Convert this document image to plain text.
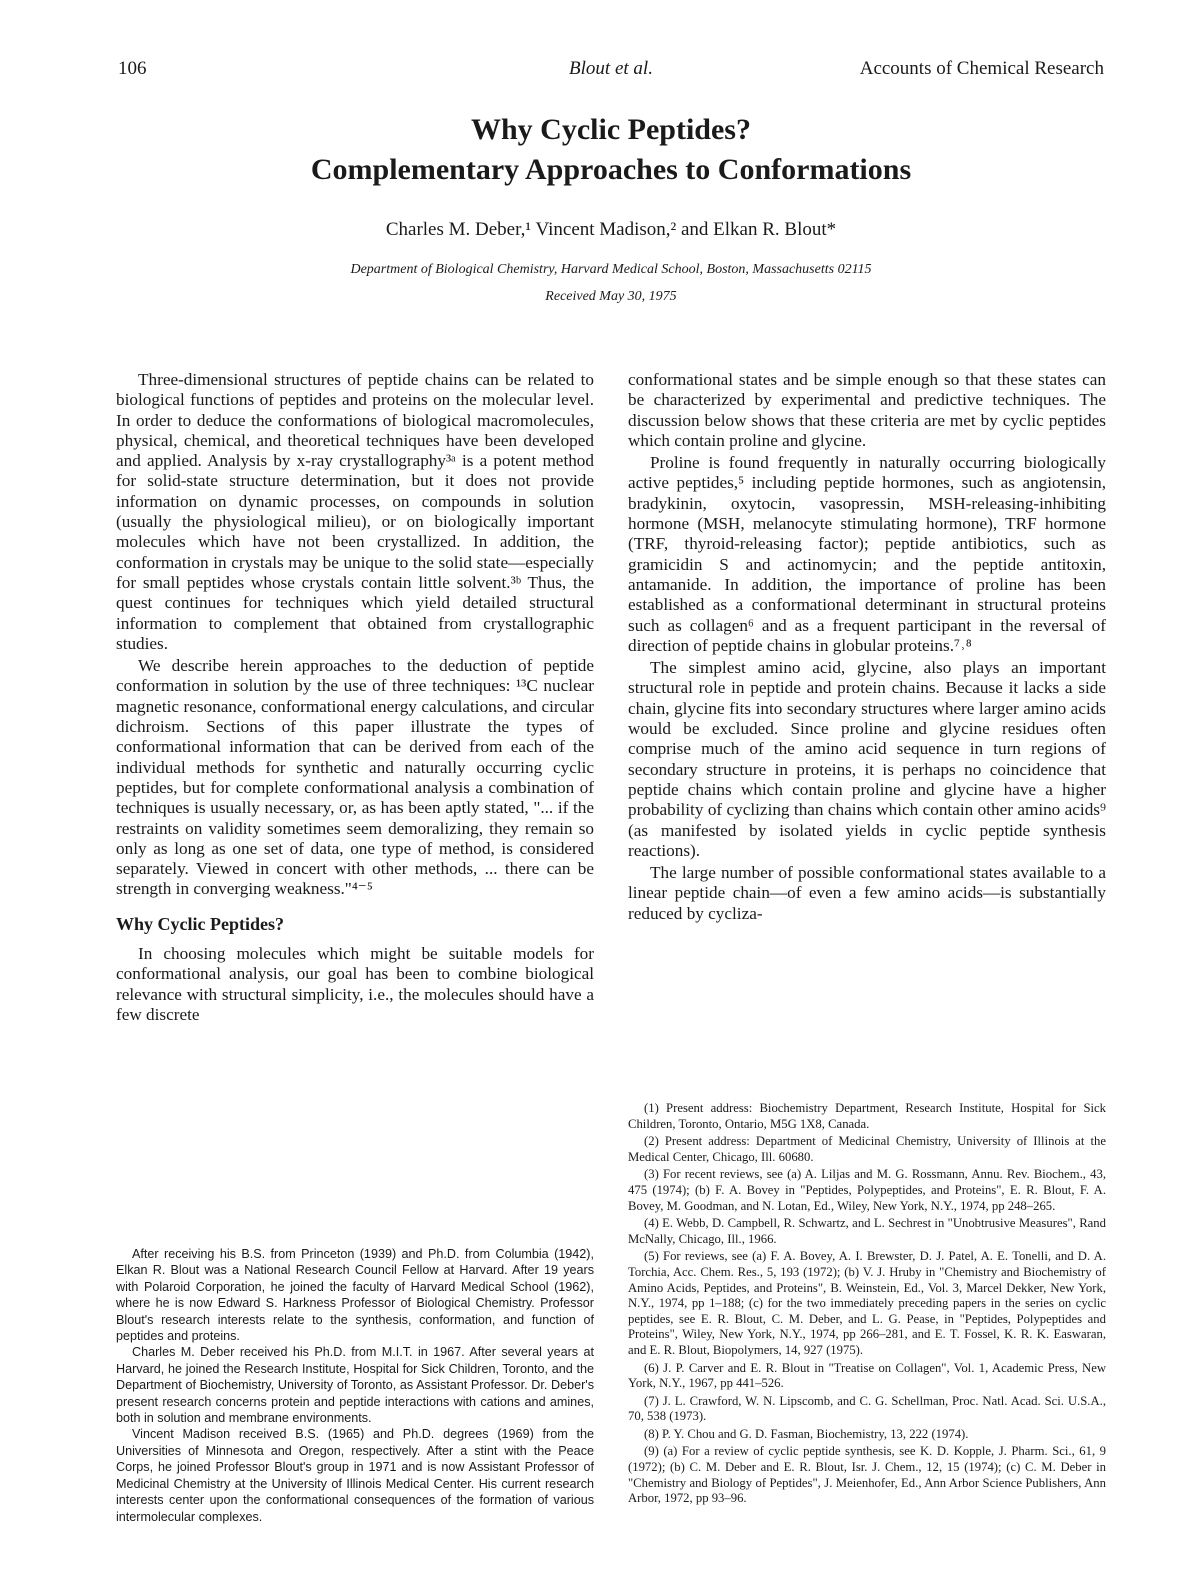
106	Blout et al.	Accounts of Chemical Research
Why Cyclic Peptides?
Complementary Approaches to Conformations
Charles M. Deber,¹ Vincent Madison,² and Elkan R. Blout*
Department of Biological Chemistry, Harvard Medical School, Boston, Massachusetts 02115
Received May 30, 1975

Three-dimensional structures of peptide chains can be related to biological functions of peptides and proteins on the molecular level. In order to deduce the conformations of biological macromolecules, physical, chemical, and theoretical techniques have been developed and applied. Analysis by x-ray crystallography³ᵃ is a potent method for solid-state structure determination, but it does not provide information on dynamic processes, on compounds in solution (usually the physiological milieu), or on biologically important molecules which have not been crystallized. In addition, the conformation in crystals may be unique to the solid state—especially for small peptides whose crystals contain little solvent.³ᵇ Thus, the quest continues for techniques which yield detailed structural information to complement that obtained from crystallographic studies.

We describe herein approaches to the deduction of peptide conformation in solution by the use of three techniques: ¹³C nuclear magnetic resonance, conformational energy calculations, and circular dichroism. Sections of this paper illustrate the types of conformational information that can be derived from each of the individual methods for synthetic and naturally occurring cyclic peptides, but for complete conformational analysis a combination of techniques is usually necessary, or, as has been aptly stated, "... if the restraints on validity sometimes seem demoralizing, they remain so only as long as one set of data, one type of method, is considered separately. Viewed in concert with other methods, ... there can be strength in converging weakness."⁴⁻⁵

Why Cyclic Peptides?

In choosing molecules which might be suitable models for conformational analysis, our goal has been to combine biological relevance with structural simplicity, i.e., the molecules should have a few discrete

conformational states and be simple enough so that these states can be characterized by experimental and predictive techniques. The discussion below shows that these criteria are met by cyclic peptides which contain proline and glycine.

Proline is found frequently in naturally occurring biologically active peptides,⁵ including peptide hormones, such as angiotensin, bradykinin, oxytocin, vasopressin, MSH-releasing-inhibiting hormone (MSH, melanocyte stimulating hormone), TRF hormone (TRF, thyroid-releasing factor); peptide antibiotics, such as gramicidin S and actinomycin; and the peptide antitoxin, antamanide. In addition, the importance of proline has been established as a conformational determinant in structural proteins such as collagen⁶ and as a frequent participant in the reversal of direction of peptide chains in globular proteins.⁷˒⁸

The simplest amino acid, glycine, also plays an important structural role in peptide and protein chains. Because it lacks a side chain, glycine fits into secondary structures where larger amino acids would be excluded. Since proline and glycine residues often comprise much of the amino acid sequence in turn regions of secondary structure in proteins, it is perhaps no coincidence that peptide chains which contain proline and glycine have a higher probability of cyclizing than chains which contain other amino acids⁹ (as manifested by isolated yields in cyclic peptide synthesis reactions).

The large number of possible conformational states available to a linear peptide chain—of even a few amino acids—is substantially reduced by cycliza-

After receiving his B.S. from Princeton (1939) and Ph.D. from Columbia (1942), Elkan R. Blout was a National Research Council Fellow at Harvard. After 19 years with Polaroid Corporation, he joined the faculty of Harvard Medical School (1962), where he is now Edward S. Harkness Professor of Biological Chemistry. Professor Blout's research interests relate to the synthesis, conformation, and function of peptides and proteins.

Charles M. Deber received his Ph.D. from M.I.T. in 1967. After several years at Harvard, he joined the Research Institute, Hospital for Sick Children, Toronto, and the Department of Biochemistry, University of Toronto, as Assistant Professor. Dr. Deber's present research concerns protein and peptide interactions with cations and amines, both in solution and membrane environments.

Vincent Madison received B.S. (1965) and Ph.D. degrees (1969) from the Universities of Minnesota and Oregon, respectively. After a stint with the Peace Corps, he joined Professor Blout's group in 1971 and is now Assistant Professor of Medicinal Chemistry at the University of Illinois Medical Center. His current research interests center upon the conformational consequences of the formation of various intermolecular complexes.

(1) Present address: Biochemistry Department, Research Institute, Hospital for Sick Children, Toronto, Ontario, M5G 1X8, Canada.

(2) Present address: Department of Medicinal Chemistry, University of Illinois at the Medical Center, Chicago, Ill. 60680.

(3) For recent reviews, see (a) A. Liljas and M. G. Rossmann, Annu. Rev. Biochem., 43, 475 (1974); (b) F. A. Bovey in "Peptides, Polypeptides, and Proteins", E. R. Blout, F. A. Bovey, M. Goodman, and N. Lotan, Ed., Wiley, New York, N.Y., 1974, pp 248–265.

(4) E. Webb, D. Campbell, R. Schwartz, and L. Sechrest in "Unobtrusive Measures", Rand McNally, Chicago, Ill., 1966.

(5) For reviews, see (a) F. A. Bovey, A. I. Brewster, D. J. Patel, A. E. Tonelli, and D. A. Torchia, Acc. Chem. Res., 5, 193 (1972); (b) V. J. Hruby in "Chemistry and Biochemistry of Amino Acids, Peptides, and Proteins", B. Weinstein, Ed., Vol. 3, Marcel Dekker, New York, N.Y., 1974, pp 1–188; (c) for the two immediately preceding papers in the series on cyclic peptides, see E. R. Blout, C. M. Deber, and L. G. Pease, in "Peptides, Polypeptides and Proteins", Wiley, New York, N.Y., 1974, pp 266–281, and E. T. Fossel, K. R. K. Easwaran, and E. R. Blout, Biopolymers, 14, 927 (1975).

(6) J. P. Carver and E. R. Blout in "Treatise on Collagen", Vol. 1, Academic Press, New York, N.Y., 1967, pp 441–526.

(7) J. L. Crawford, W. N. Lipscomb, and C. G. Schellman, Proc. Natl. Acad. Sci. U.S.A., 70, 538 (1973).

(8) P. Y. Chou and G. D. Fasman, Biochemistry, 13, 222 (1974).

(9) (a) For a review of cyclic peptide synthesis, see K. D. Kopple, J. Pharm. Sci., 61, 9 (1972); (b) C. M. Deber and E. R. Blout, Isr. J. Chem., 12, 15 (1974); (c) C. M. Deber in "Chemistry and Biology of Peptides", J. Meienhofer, Ed., Ann Arbor Science Publishers, Ann Arbor, 1972, pp 93–96.
